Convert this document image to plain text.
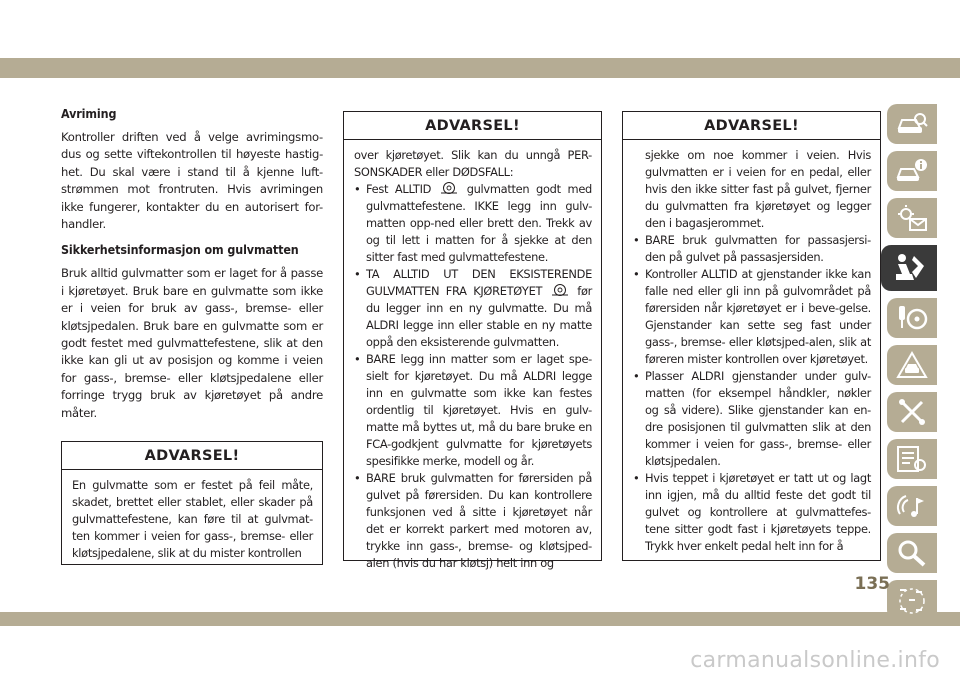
Avriming

Kontroller driften ved å velge avrimingsmo-dus og sette viftekontrollen til høyeste hastig-het. Du skal være i stand til å kjenne luft-strømmen mot frontruten. Hvis avrimingen ikke fungerer, kontakter du en autorisert for-handler.

Sikkerhetsinformasjon om gulvmatten

Bruk alltid gulvmatter som er laget for å passe i kjøretøyet. Bruk bare en gulvmatte som ikke er i veien for bruk av gass-, bremse- eller kløtsjpedalen. Bruk bare en gulvmatte som er godt festet med gulvmattefestene, slik at den ikke kan gli ut av posisjon og komme i veien for gass-, bremse- eller kløtsjpedalene eller forringe trygg bruk av kjøretøyet på andre måter.

ADVARSEL!
En gulvmatte som er festet på feil måte, skadet, brettet eller stablet, eller skader på gulvmattefestene, kan føre til at gulvmat-ten kommer i veien for gass-, bremse- eller kløtsjpedalene, slik at du mister kontrollen
ADVARSEL!
over kjøretøyet. Slik kan du unngå PER-SONSKADER eller DØDSFALL:
• Fest ALLTID	gulvmatten godt med gulvmattefestene. IKKE legg inn gulv-matten opp-ned eller brett den. Trekk av og til lett i matten for å sjekke at den sitter fast med gulvmattefestene.
• TA ALLTID UT DEN EKSISTERENDE GULVMATTEN FRA KJØRETØYET	før du legger inn en ny gulvmatte. Du må ALDRI legge inn eller stable en ny matte oppå den eksisterende gulvmatten.
• BARE legg inn matter som er laget spe-sielt for kjøretøyet. Du må ALDRI legge inn en gulvmatte som ikke kan festes ordentlig til kjøretøyet. Hvis en gulv-matte må byttes ut, må du bare bruke en FCA-godkjent gulvmatte for kjøretøyets spesifikke merke, modell og år.
• BARE bruk gulvmatten for førersiden på gulvet på førersiden. Du kan kontrollere funksjonen ved å sitte i kjøretøyet når det er korrekt parkert med motoren av, trykke inn gass-, bremse- og kløtsjped-alen (hvis du har kløtsj) helt inn og
ADVARSEL!
sjekke om noe kommer i veien. Hvis gulvmatten er i veien for en pedal, eller hvis den ikke sitter fast på gulvet, fjerner du gulvmatten fra kjøretøyet og legger den i bagasjerommet.
• BARE bruk gulvmatten for passasjersi-den på gulvet på passasjersiden.
• Kontroller ALLTID at gjenstander ikke kan falle ned eller gli inn på gulvområdet på førersiden når kjøretøyet er i beve-gelse. Gjenstander kan sette seg fast under gass-, bremse- eller kløtsjped-alen, slik at føreren mister kontrollen over kjøretøyet.
• Plasser ALDRI gjenstander under gulv-matten (for eksempel håndkler, nøkler og så videre). Slike gjenstander kan en-dre posisjonen til gulvmatten slik at den kommer i veien for gass-, bremse- eller kløtsjpedalen.
• Hvis teppet i kjøretøyet er tatt ut og lagt inn igjen, må du alltid feste det godt til gulvet og kontrollere at gulvmattefes-tene sitter godt fast i kjøretøyets teppe. Trykk hver enkelt pedal helt inn for å
135
carmanualsonline.info
